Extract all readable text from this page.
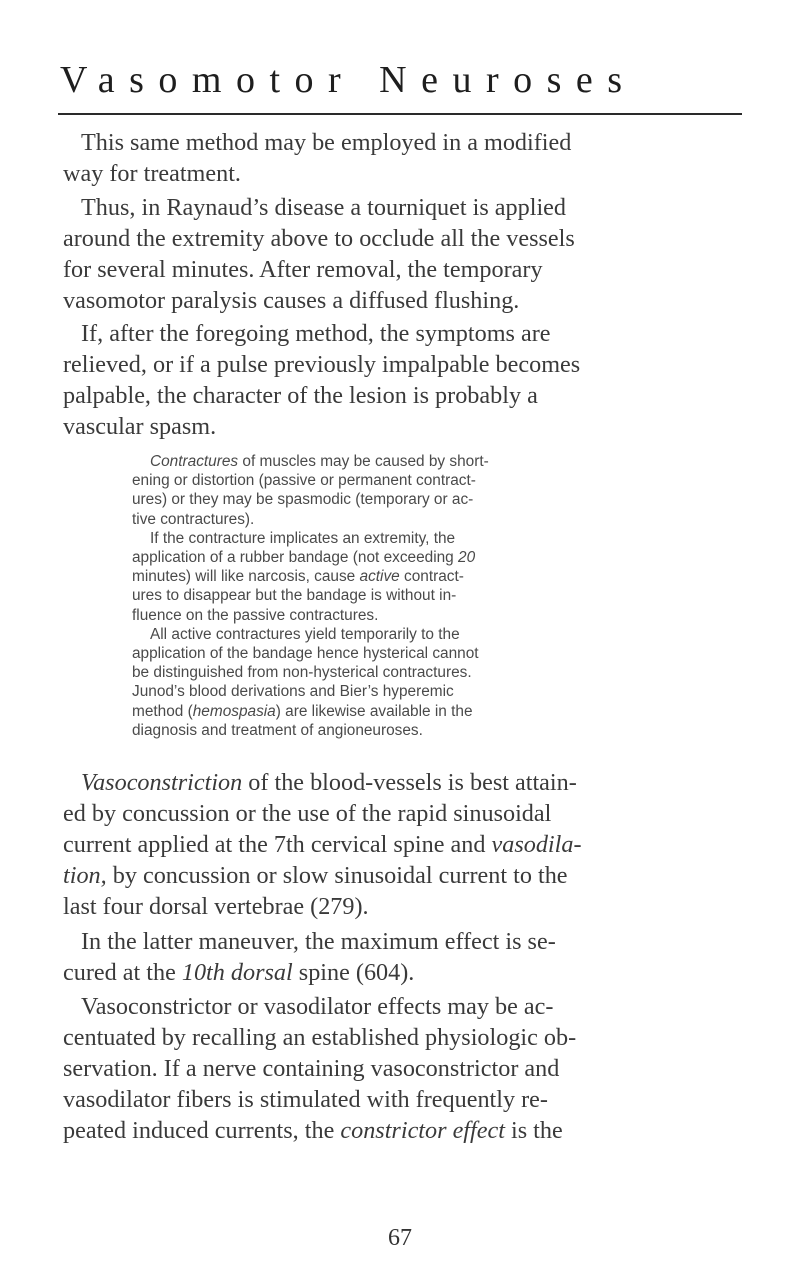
Vasomotor Neuroses
This same method may be employed in a modified
way for treatment.
Thus, in Raynaud’s disease a tourniquet is applied
around the extremity above to occlude all the vessels
for several minutes. After removal, the temporary
vasomotor paralysis causes a diffused flushing.
If, after the foregoing method, the symptoms are
relieved, or if a pulse previously impalpable becomes
palpable, the character of the lesion is probably a
vascular spasm.
Contractures of muscles may be caused by short-
ening or distortion (passive or permanent contract-
ures) or they may be spasmodic (temporary or ac-
tive contractures).
If the contracture implicates an extremity, the
application of a rubber bandage (not exceeding 20
minutes) will like narcosis, cause active contract-
ures to disappear but the bandage is without in-
fluence on the passive contractures.
All active contractures yield temporarily to the
application of the bandage hence hysterical cannot
be distinguished from non-hysterical contractures.
Junod’s blood derivations and Bier’s hyperemic
method (hemospasia) are likewise available in the
diagnosis and treatment of angioneuroses.
Vasoconstriction of the blood-vessels is best attain-
ed by concussion or the use of the rapid sinusoidal
current applied at the 7th cervical spine and vasodila-
tion, by concussion or slow sinusoidal current to the
last four dorsal vertebrae (279).
In the latter maneuver, the maximum effect is se-
cured at the 10th dorsal spine (604).
Vasoconstrictor or vasodilator effects may be ac-
centuated by recalling an established physiologic ob-
servation. If a nerve containing vasoconstrictor and
vasodilator fibers is stimulated with frequently re-
peated induced currents, the constrictor effect is the
67
